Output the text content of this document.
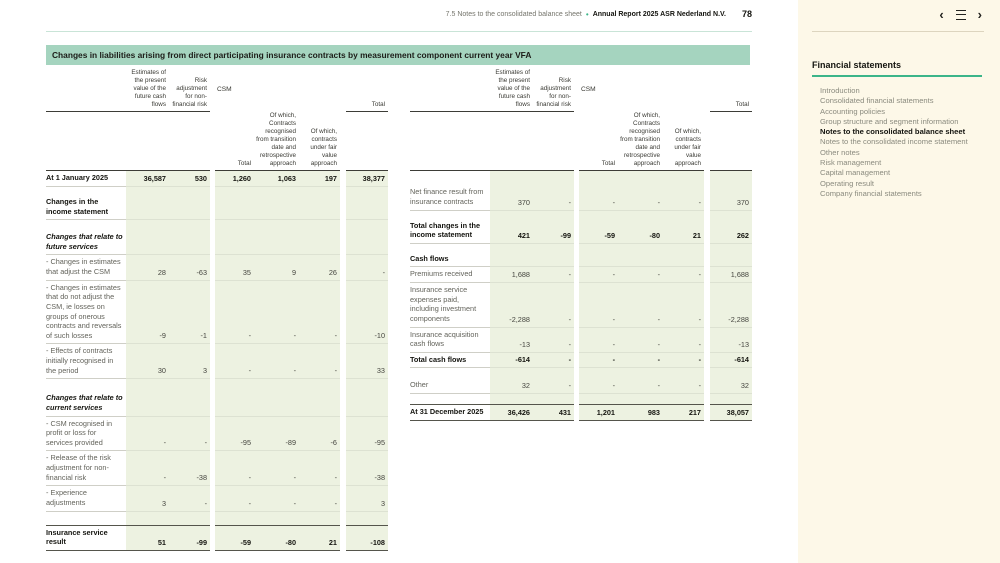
7.5 Notes to the consolidated balance sheet • Annual Report 2025 ASR Nederland N.V. 78
Changes in liabilities arising from direct participating insurance contracts by measurement component current year VFA
Estimates of the present value of the future cash flows
Risk adjustment for non-financial risk
CSM
Total
Total
Of which, Contracts recognised from transition date and retrospective approach
Of which, contracts under fair value approach
At 1 January 2025	36,587	530	1,260	1,063	197	38,377
Changes in the income statement
Changes that relate to future services
- Changes in estimates that adjust the CSM	28	-63	35	9	26	-
- Changes in estimates that do not adjust the CSM, ie losses on groups of onerous contracts and reversals of such losses	-9	-1	-	-	-	-10
- Effects of contracts initially recognised in the period	30	3	-	-	-	33
Changes that relate to current services
- CSM recognised in profit or loss for services provided	-	-	-95	-89	-6	-95
- Release of the risk adjustment for non-financial risk	-	-38	-	-	-	-38
- Experience adjustments	3	-	-	-	-	3
Insurance service result	51	-99	-59	-80	21	-108
Estimates of the present value of the future cash flows
Risk adjustment for non-financial risk
CSM
Total
Total
Of which, Contracts recognised from transition date and retrospective approach
Of which, contracts under fair value approach
Net finance result from insurance contracts	370	-	-	-	-	370
Total changes in the income statement	421	-99	-59	-80	21	262
Cash flows
Premiums received	1,688	-	-	-	-	1,688
Insurance service expenses paid, including investment components	-2,288	-	-	-	-	-2,288
Insurance acquisition cash flows	-13	-	-	-	-	-13
Total cash flows	-614	-	-	-	-	-614
Other	32	-	-	-	-	32
At 31 December 2025	36,426	431	1,201	983	217	38,057
‹	›
Financial statements
Introduction
Consolidated financial statements
Accounting policies
Group structure and segment information
Notes to the consolidated balance sheet
Notes to the consolidated income statement
Other notes
Risk management
Capital management
Operating result
Company financial statements
